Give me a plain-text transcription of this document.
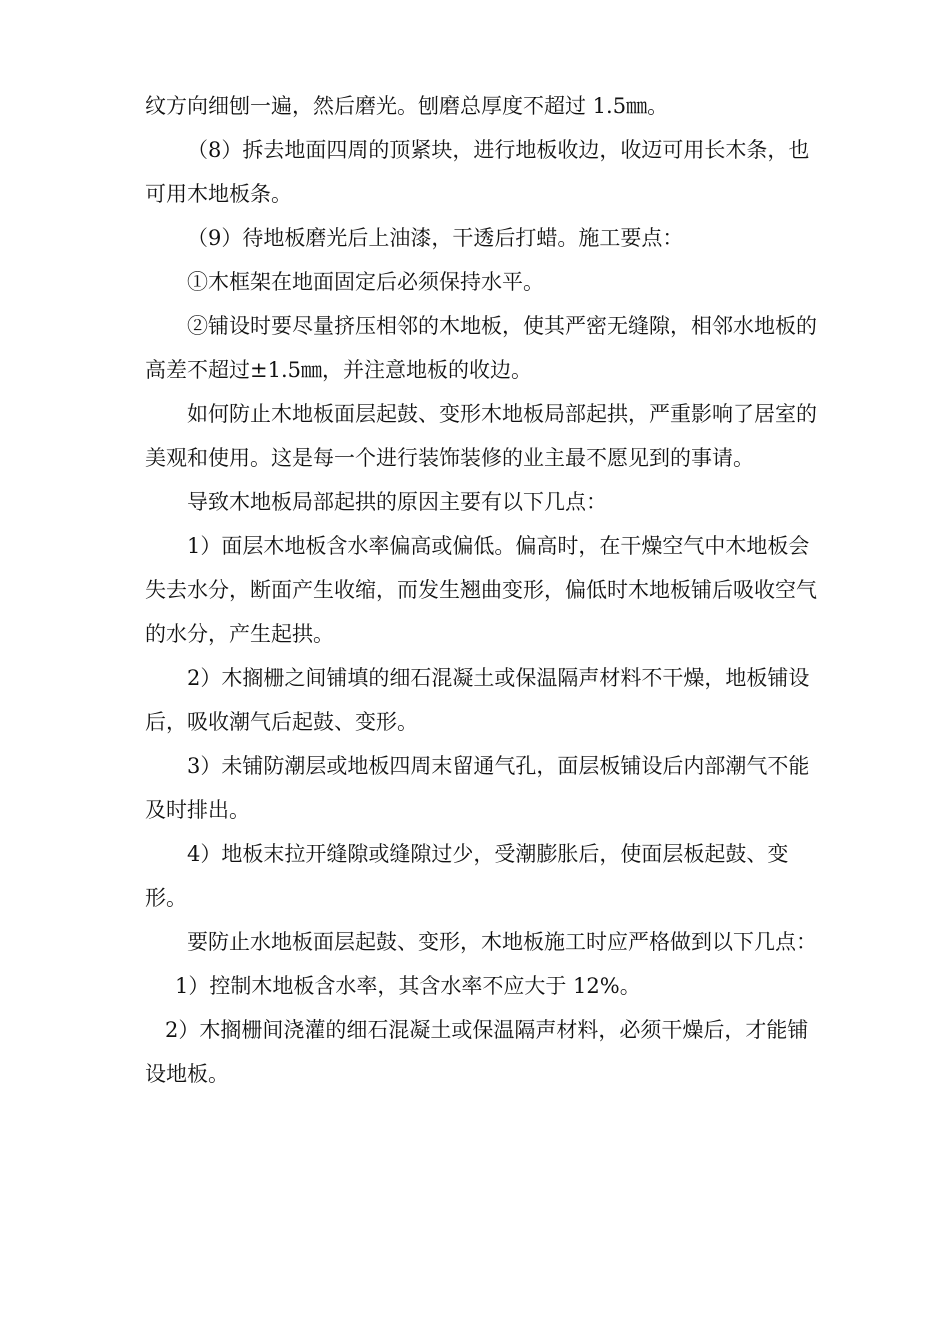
纹方向细刨一遍，然后磨光。刨磨总厚度不超过 1.5㎜。

（8）拆去地面四周的顶紧块，进行地板收边，收迈可用长木条，也可用木地板条。

（9）待地板磨光后上油漆，干透后打蜡。施工要点：

①木框架在地面固定后必须保持水平。

②铺设时要尽量挤压相邻的木地板，使其严密无缝隙，相邻水地板的高差不超过±1.5㎜，并注意地板的收边。

如何防止木地板面层起鼓、变形木地板局部起拱，严重影响了居室的美观和使用。这是每一个进行装饰装修的业主最不愿见到的事请。

导致木地板局部起拱的原因主要有以下几点：

1）面层木地板含水率偏高或偏低。偏高时，在干燥空气中木地板会失去水分，断面产生收缩，而发生翘曲变形，偏低时木地板铺后吸收空气的水分，产生起拱。

2）木搁栅之间铺填的细石混凝土或保温隔声材料不干燥，地板铺设后，吸收潮气后起鼓、变形。

3）未铺防潮层或地板四周末留通气孔，面层板铺设后内部潮气不能及时排出。

4）地板末拉开缝隙或缝隙过少，受潮膨胀后，使面层板起鼓、变形。

要防止水地板面层起鼓、变形，木地板施工时应严格做到以下几点：

1）控制木地板含水率，其含水率不应大于 12%。

2）木搁栅间浇灌的细石混凝土或保温隔声材料，必须干燥后，才能铺设地板。
